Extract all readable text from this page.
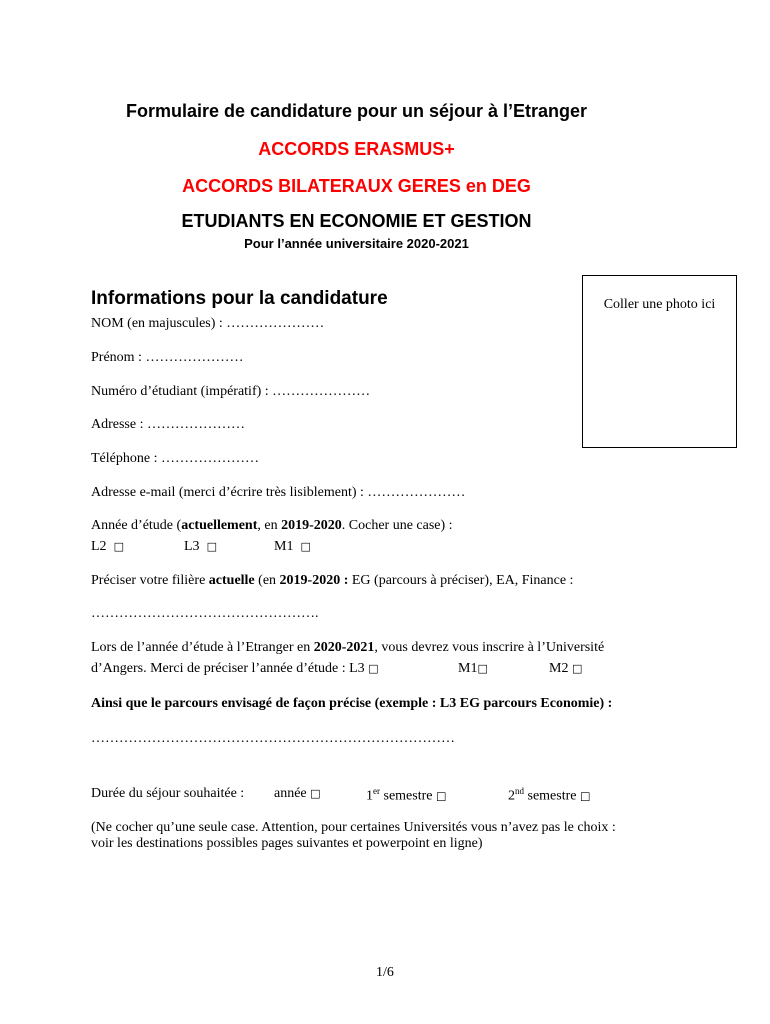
Formulaire de candidature pour un séjour à l’Etranger
ACCORDS ERASMUS+
ACCORDS BILATERAUX GERES en DEG
ETUDIANTS EN ECONOMIE ET GESTION
Pour l’année universitaire 2020-2021
Informations pour la candidature	Coller une photo ici
NOM (en majuscules) : …………………
Prénom : …………………
Numéro d’étudiant (impératif) : …………………
Adresse : …………………
Téléphone : …………………
Adresse e-mail (merci d’écrire très lisiblement) : …………………
Année d’étude (actuellement, en 2019-2020. Cocher une case) :
L2 □	L3 □	M1 □
Préciser votre filière actuelle (en 2019-2020 : EG (parcours à préciser), EA, Finance :
………………………………………….
Lors de l’année d’étude à l’Etranger en 2020-2021, vous devrez vous inscrire à l’Université
d’Angers. Merci de préciser l’année d’étude : L3 □	M1□	M2 □
Ainsi que le parcours envisagé de façon précise (exemple : L3 EG parcours Economie) :
……………………………………………………………………
Durée du séjour souhaitée : année □	1er semestre □	2nd semestre □
(Ne cocher qu’une seule case. Attention, pour certaines Universités vous n’avez pas le choix :
voir les destinations possibles pages suivantes et powerpoint en ligne)
1/6
